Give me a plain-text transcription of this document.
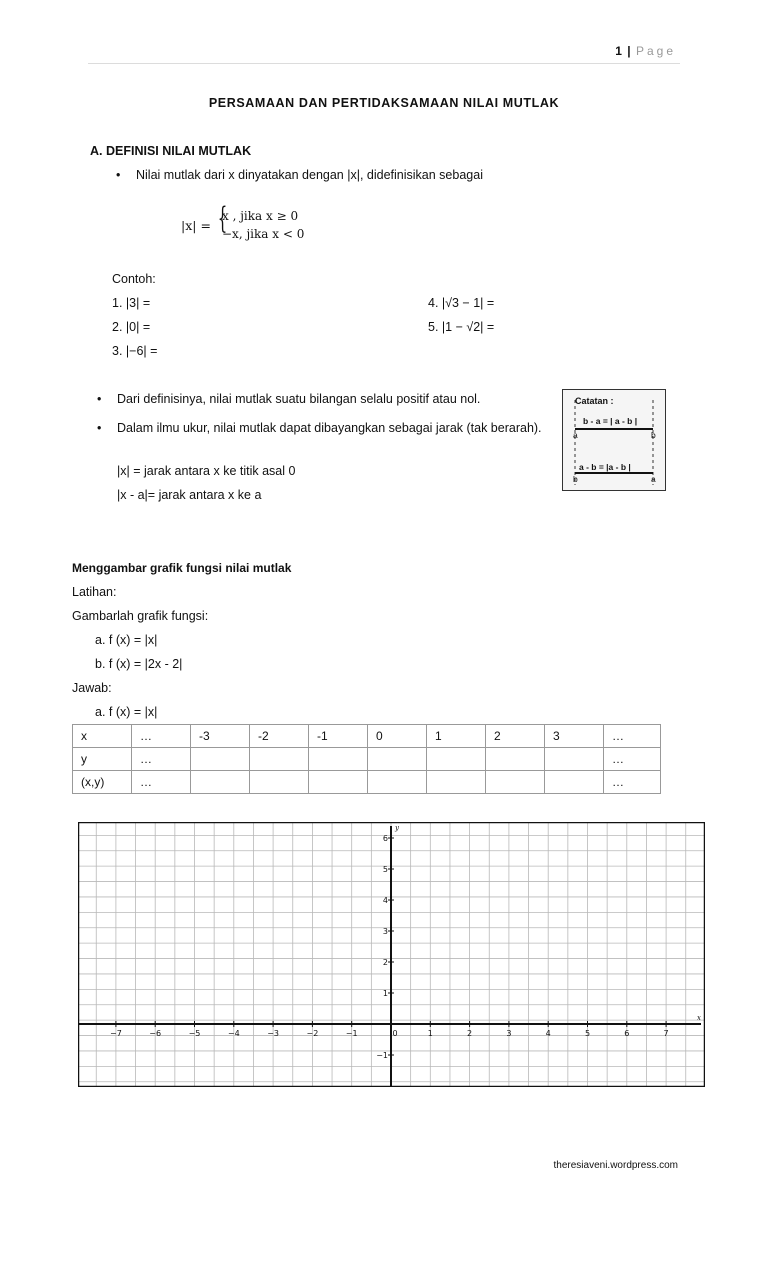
1 | Page
PERSAMAAN DAN PERTIDAKSAMAAN NILAI MUTLAK
A. DEFINISI NILAI MUTLAK
• Nilai mutlak dari x dinyatakan dengan |x|, didefinisikan sebagai
|x| = {
x , jika x ≥ 0
−x, jika x < 0
Contoh:
1. |3| =
2. |0| =
3. |−6| =
4. |√3 − 1| =
5. |1 − √2| =
• Dari definisinya, nilai mutlak suatu bilangan selalu positif atau nol.
• Dalam ilmu ukur, nilai mutlak dapat dibayangkan sebagai jarak (tak berarah).
|x| = jarak antara x ke titik asal 0
|x - a|= jarak antara x ke a
Catatan :
b - a = | a - b |
a	b
a - b = |a - b |
b	a
Menggambar grafik fungsi nilai mutlak
Latihan:
Gambarlah grafik fungsi:
a. f (x) = |x|
b. f (x) = |2x - 2|
Jawab:
a. f (x) = |x|
x	…	-3	-2	-1	0	1	2	3	…
y	…								…
(x,y)	…								…
−7	−6	−5	−4	−3	−2	−1	0	1	2	3	4	5	6	7
6
5
4
3
2
1
−1
x
y
theresiaveni.wordpress.com
